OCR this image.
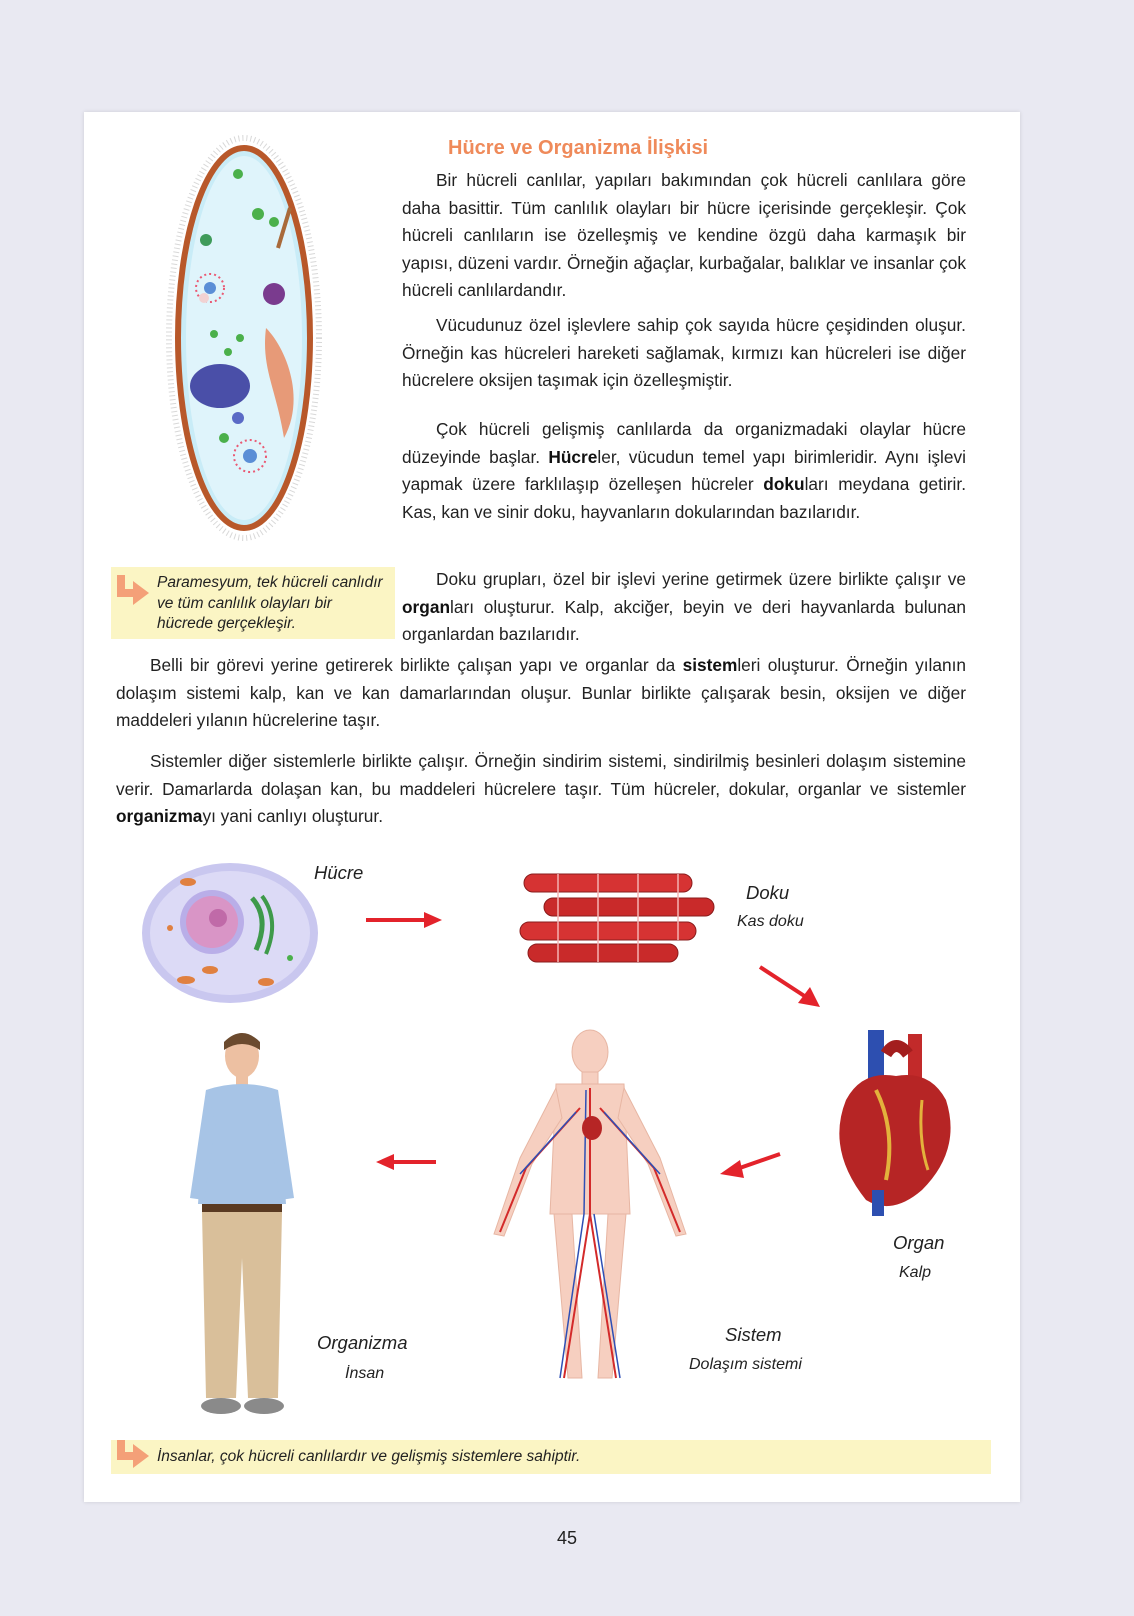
Hücre ve Organizma İlişkisi

Bir hücreli canlılar, yapıları bakımından çok hücreli canlılara göre daha basittir. Tüm canlılık olayları bir hücre içerisinde gerçekleşir. Çok hücreli canlıların ise özelleşmiş ve kendine özgü daha karmaşık bir yapısı, düzeni vardır. Örneğin ağaçlar, kurbağalar, balıklar ve insanlar çok hücreli canlılardandır.

Vücudunuz özel işlevlere sahip çok sayıda hücre çeşidinden oluşur. Örneğin kas hücreleri hareketi sağlamak, kırmızı kan hücreleri ise diğer hücrelere oksijen taşımak için özelleşmiştir.

Çok hücreli gelişmiş canlılarda da organizmadaki olaylar hücre düzeyinde başlar. Hücreler, vücudun temel yapı birimleridir. Aynı işlevi yapmak üzere farklılaşıp özelleşen hücreler dokuları meydana getirir. Kas, kan ve sinir doku, hayvanların dokularından bazılarıdır.

Doku grupları, özel bir işlevi yerine getirmek üzere birlikte çalışır ve organları oluşturur. Kalp, akciğer, beyin ve deri hayvanlarda bulunan organlardan bazılarıdır.

Paramesyum, tek hücreli canlıdır ve tüm canlılık olayları bir hücrede gerçekleşir.

Belli bir görevi yerine getirerek birlikte çalışan yapı ve organlar da sistemleri oluşturur. Örneğin yılanın dolaşım sistemi kalp, kan ve kan damarlarından oluşur. Bunlar birlikte çalışarak besin, oksijen ve diğer maddeleri yılanın hücrelerine taşır.

Sistemler diğer sistemlerle birlikte çalışır. Örneğin sindirim sistemi, sindirilmiş besinleri dolaşım sistemine verir. Damarlarda dolaşan kan, bu maddeleri hücrelere taşır. Tüm hücreler, dokular, organlar ve sistemler organizmayı yani canlıyı oluşturur.

Hücre
Doku
Kas doku
Organ
Kalp
Sistem
Dolaşım sistemi
Organizma
İnsan
İnsanlar, çok hücreli canlılardır ve gelişmiş sistemlere sahiptir.
45
